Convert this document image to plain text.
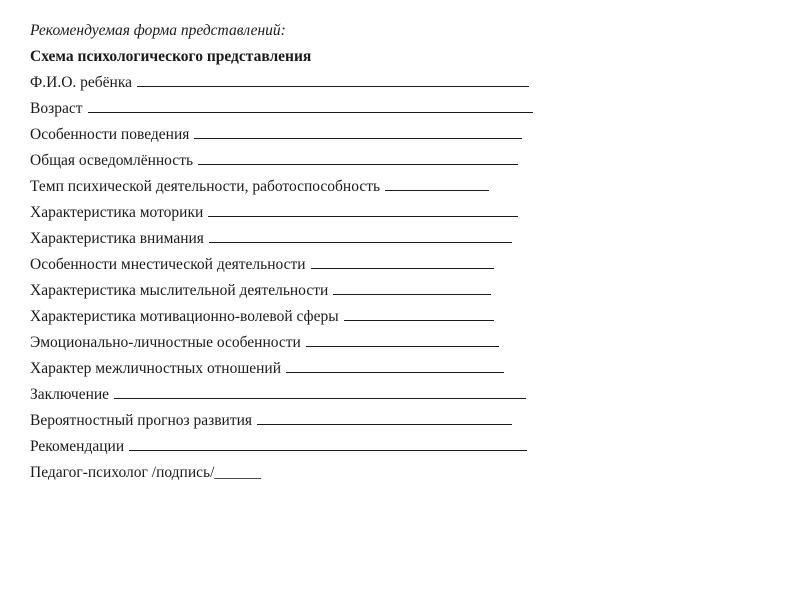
Рекомендуемая форма представлений:
Схема психологического представления
Ф.И.О. ребёнка
Возраст
Особенности поведения
Общая осведомлённость
Темп психической деятельности, работоспособность
Характеристика моторики
Характеристика внимания
Особенности мнестической деятельности
Характеристика мыслительной деятельности
Характеристика мотивационно-волевой сферы
Эмоционально-личностные особенности
Характер межличностных отношений
Заключение
Вероятностный прогноз развития
Рекомендации
Педагог-психолог /подпись/______
